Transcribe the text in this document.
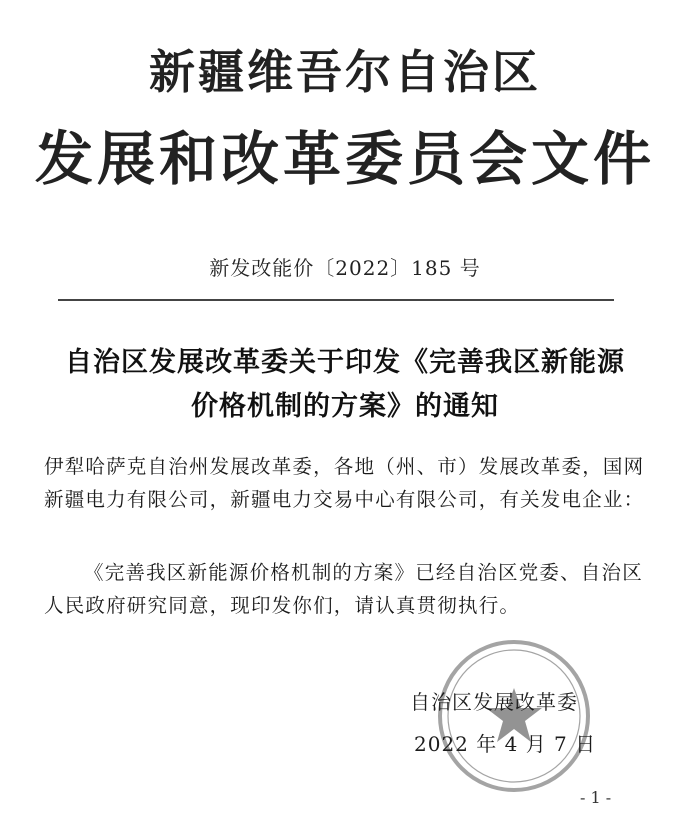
新疆维吾尔自治区
发展和改革委员会文件
新发改能价〔2022〕185 号
自治区发展改革委关于印发《完善我区新能源
价格机制的方案》的通知
伊犁哈萨克自治州发展改革委，各地（州、市）发展改革委，国网新疆电力有限公司，新疆电力交易中心有限公司，有关发电企业：
《完善我区新能源价格机制的方案》已经自治区党委、自治区人民政府研究同意，现印发你们，请认真贯彻执行。
自治区发展改革委
2022 年 4 月 7 日
- 1 -
